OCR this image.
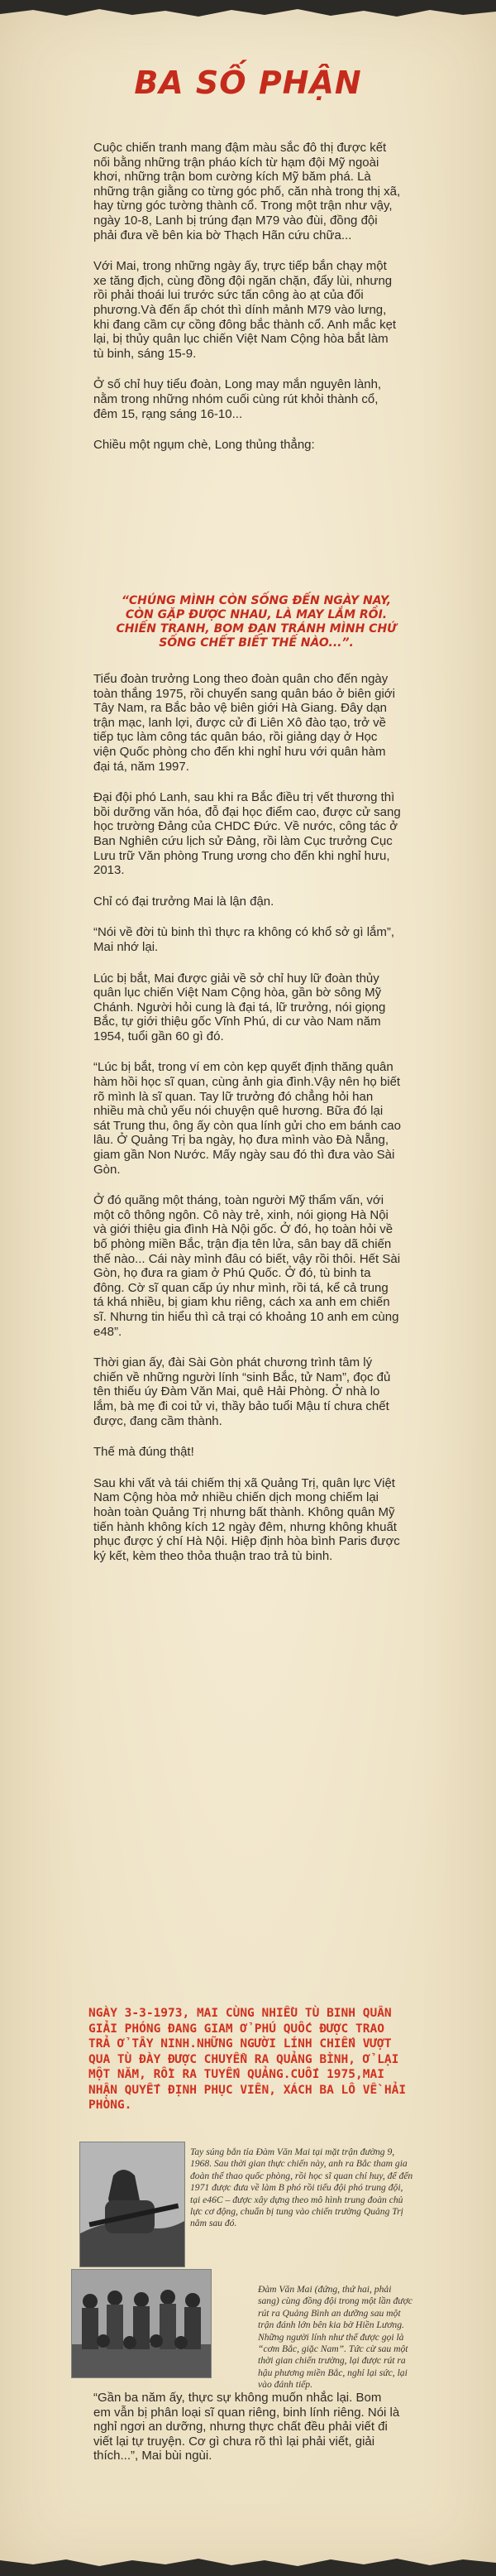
BA SỐ PHẬN

Cuộc chiến tranh mang đậm màu sắc đô thị được kết nối bằng những trận pháo kích từ hạm đội Mỹ ngoài khơi, những trận bom cường kích Mỹ băm phá. Là những trận giằng co từng góc phố, căn nhà trong thị xã, hay từng góc tường thành cổ. Trong một trận như vậy, ngày 10-8, Lanh bị trúng đạn M79 vào đùi, đồng đội phải đưa về bên kia bờ Thạch Hãn cứu chữa...

Với Mai, trong những ngày ấy, trực tiếp bắn chạy một xe tăng địch, cùng đồng đội ngăn chặn, đẩy lùi, nhưng rồi phải thoái lui trước sức tấn công ào ạt của đối phương.Và đến ấp chót thì dính mảnh M79 vào lưng, khi đang cầm cự cồng đông bắc thành cổ. Anh mắc kẹt lại, bị thủy quân lục chiến Việt Nam Cộng hòa bắt làm tù binh, sáng 15-9.

Ở số chỉ huy tiểu đoàn, Long may mắn nguyên lành, nằm trong những nhóm cuối cùng rút khỏi thành cổ, đêm 15, rạng sáng 16-10...

Chiều một ngụm chè, Long thủng thẳng:

“CHÚNG MÌNH CÒN SỐNG ĐẾN NGÀY NAY, CÒN GẶP ĐƯỢC NHAU, LÀ MAY LẮM RỒI. CHIẾN TRANH, BOM ĐẠN TRÁNH MÌNH CHỨ SỐNG CHẾT BIẾT THẾ NÀO...”.

Tiểu đoàn trưởng Long theo đoàn quân cho đến ngày toàn thắng 1975, rồi chuyển sang quân báo ở biên giới Tây Nam, ra Bắc bảo vệ biên giới Hà Giang. Đây dạn trận mạc, lanh lợi, được cử đi Liên Xô đào tạo, trở về tiếp tục làm công tác quân báo, rồi giảng dạy ở Học viện Quốc phòng cho đến khi nghỉ hưu với quân hàm đại tá, năm 1997.

Đại đội phó Lanh, sau khi ra Bắc điều trị vết thương thì bồi dưỡng văn hóa, đỗ đại học điểm cao, được cử sang học trường Đảng của CHDC Đức. Về nước, công tác ở Ban Nghiên cứu lịch sử Đảng, rồi làm Cục trưởng Cục Lưu trữ Văn phòng Trung ương cho đến khi nghỉ hưu, 2013.

Chỉ có đại trưởng Mai là lận đận.

“Nói về đời tù binh thì thực ra không có khổ sở gì lắm”, Mai nhớ lại.

Lúc bị bắt, Mai được giải về sở chỉ huy lữ đoàn thủy quân lục chiến Việt Nam Cộng hòa, gần bờ sông Mỹ Chánh. Người hỏi cung là đại tá, lữ trưởng, nói giọng Bắc, tự giới thiệu gốc Vĩnh Phú, di cư vào Nam năm 1954, tuổi gần 60 gì đó.

“Lúc bị bắt, trong ví em còn kẹp quyết định thăng quân hàm hồi học sĩ quan, cùng ảnh gia đình.Vậy nên họ biết rõ mình là sĩ quan. Tay lữ trưởng đó chẳng hỏi han nhiều mà chủ yếu nói chuyện quê hương. Bữa đó lại sát Trung thu, ông ấy còn qua lính gửi cho em bánh cao lâu. Ở Quảng Trị ba ngày, họ đưa mình vào Đà Nẵng, giam gần Non Nước. Mấy ngày sau đó thì đưa vào Sài Gòn.

Ở đó quãng một tháng, toàn người Mỹ thẩm vấn, với một cô thông ngôn. Cô này trẻ, xinh, nói giọng Hà Nội và giới thiệu gia đình Hà Nội gốc. Ở đó, họ toàn hỏi về bố phòng miền Bắc, trận địa tên lửa, sân bay dã chiến thế nào... Cái này mình đâu có biết, vậy rồi thôi. Hết Sài Gòn, họ đưa ra giam ở Phú Quốc. Ở đó, tù binh ta đông. Cờ sĩ quan cấp úy như mình, rồi tá, kể cả trung tá khá nhiều, bị giam khu riêng, cách xa anh em chiến sĩ. Nhưng tin hiểu thì cả trại có khoảng 10 anh em cùng e48”.

Thời gian ấy, đài Sài Gòn phát chương trình tâm lý chiến về những người lính “sinh Bắc, tử Nam”, đọc đủ tên thiếu úy Đàm Văn Mai, quê Hải Phòng. Ở nhà lo lắm, bà mẹ đi coi tử vi, thầy bảo tuổi Mậu tí chưa chết được, đang cầm thành.

Thế mà đúng thật!

Sau khi vất và tái chiếm thị xã Quảng Trị, quân lực Việt Nam Cộng hòa mở nhiều chiến dịch mong chiếm lại hoàn toàn Quảng Trị nhưng bất thành. Không quân Mỹ tiến hành không kích 12 ngày đêm, nhưng không khuất phục được ý chí Hà Nội. Hiệp định hòa bình Paris được ký kết, kèm theo thỏa thuận trao trả tù binh.

NGÀY 3-3-1973, MAI CÙNG NHIỀU TÙ BINH QUÂN GIẢI PHÓNG ĐANG GIAM Ở PHÚ QUỐC ĐƯỢC TRAO TRẢ Ở TÂY NINH.NHỮNG NGƯỜI LÍNH CHIẾN VƯỢT QUA TÙ ĐÀY ĐƯỢC CHUYỂN RA QUẢNG BÌNH, Ở LẠI MỘT NĂM, RỒI RA TUYẾN QUẢNG.CUỐI 1975,MAI NHẬN QUYẾT ĐỊNH PHỤC VIÊN, XÁCH BA LÔ VỀ HẢI PHÒNG.
Tay súng bắn tỉa Đàm Văn Mai tại mặt trận đường 9, 1968. Sau thời gian thực chiến này, anh ra Bắc tham gia đoàn thể thao quốc phòng, rồi học sĩ quan chỉ huy, để đến 1971 được đưa về làm B phó rồi tiểu đội phó trung đội, tại e46C – được xây dựng theo mô hình trung đoàn chủ lực cơ động, chuẩn bị tung vào chiến trường Quảng Trị năm sau đó.
Đàm Văn Mai (đứng, thứ hai, phải sang) cùng đồng đội trong một lần được rút ra Quảng Bình an dưỡng sau một trận đánh lớn bên kia bờ Hiền Lương. Những người lính như thế được gọi là “cơm Bắc, giặc Nam”. Tức cừ sau một thời gian chiến trường, lại được rút ra hậu phương miền Bắc, nghỉ lại sức, lại vào đánh tiếp.

“Gần ba năm ấy, thực sự không muốn nhắc lại. Bom em vẫn bị phân loại sĩ quan riêng, binh lính riêng. Nói là nghỉ ngơi an dưỡng, nhưng thực chất đều phải viết đi viết lại tự truyện. Cơ gì chưa rõ thì lại phải viết, giải thích...”, Mai bùi ngùi.
